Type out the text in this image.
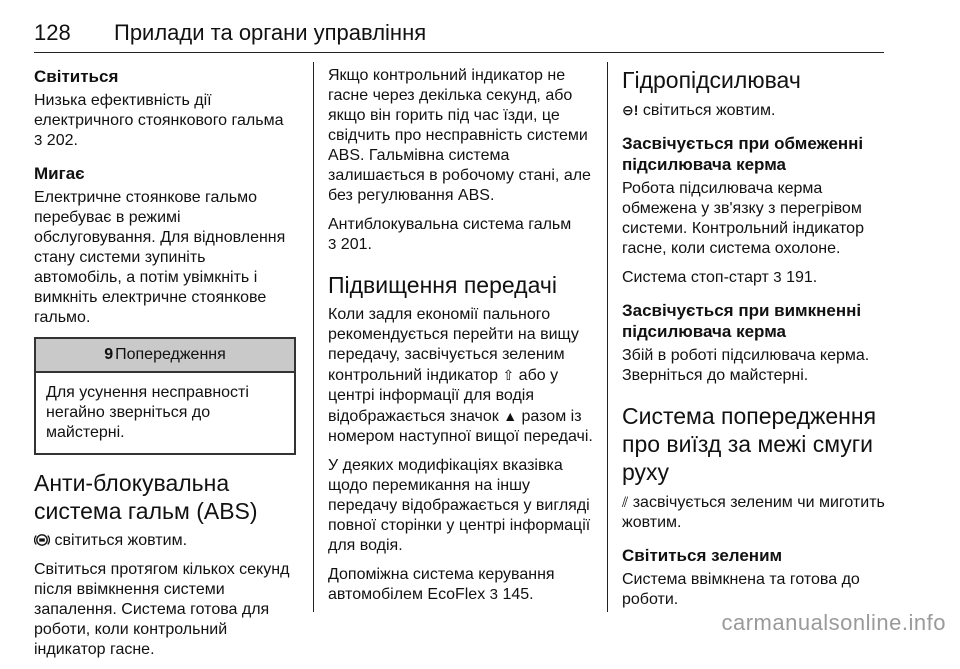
128 Прилади та органи управління
Світиться

Низька ефективність дії електричного стоянкового гальма
3 202.

Мигає

Електричне стоянкове гальмо перебуває в режимі обслуговування. Для відновлення стану системи зупиніть автомобіль, а потім увімкніть і вимкніть електричне стоянкове гальмо.

9 Попередження
Для усунення несправності негайно зверніться до майстерні.
Анти-блокувальна система гальм (ABS)

світиться жовтим.

Світиться протягом кількох секунд після ввімкнення системи запалення. Система готова для роботи, коли контрольний індикатор гасне.

Якщо контрольний індикатор не гасне через декілька секунд, або якщо він горить під час їзди, це свідчить про несправність системи ABS. Гальмівна система залишається в робочому стані, але без регулювання ABS.

Антиблокувальна система гальм
3 201.

Підвищення передачі

Коли задля економії пального рекомендується перейти на вищу передачу, засвічується зеленим контрольний індикатор ⇧ або у центрі інформації для водія відображається значок ▲ разом із номером наступної вищої передачі.

У деяких модифікаціях вказівка щодо перемикання на іншу передачу відображається у вигляді повної сторінки у центрі інформації для водія.

Допоміжна система керування автомобілем EcoFlex 3 145.

Гідропідсилювач

⊖! світиться жовтим.

Засвічується при обмеженні підсилювача керма

Робота підсилювача керма обмежена у зв'язку з перегрівом системи. Контрольний індикатор гасне, коли система охолоне.

Система стоп-старт 3 191.

Засвічується при вимкненні підсилювача керма

Збій в роботі підсилювача керма. Зверніться до майстерні.

Система попередження про виїзд за межі смуги руху

⫽ засвічується зеленим чи миготить жовтим.

Світиться зеленим

Система ввімкнена та готова до роботи.

carmanualsonline.info
